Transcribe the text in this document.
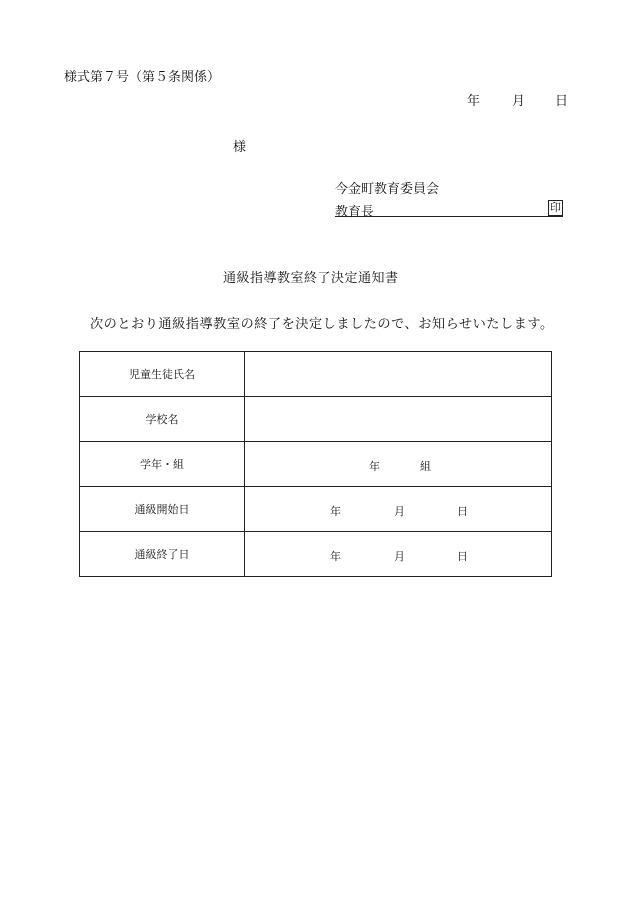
様式第７号（第５条関係）
年 月 日
様
今金町教育委員会
教育長	印
通級指導教室終了決定通知書
次のとおり通級指導教室の終了を決定しましたので、お知らせいたします。
児童生徒氏名	
学校名	
学年・組	年 組

通級開始日	年 月 日

通級終了日	年 月 日
